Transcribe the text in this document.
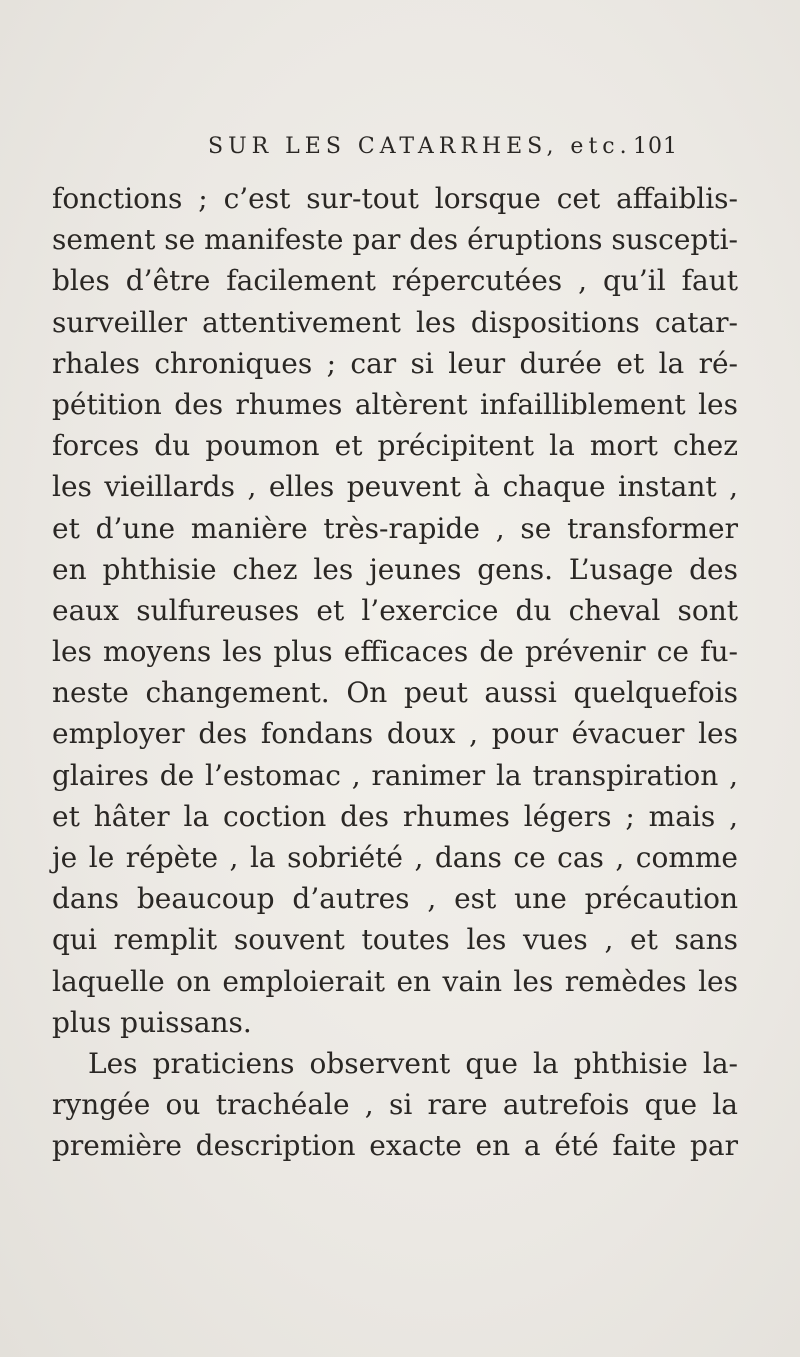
SUR LES CATARRHES, etc. 101
fonctions ; c’est sur-tout lorsque cet affaiblis-
sement se manifeste par des éruptions suscepti-
bles d’être facilement répercutées , qu’il faut
surveiller attentivement les dispositions catar-
rhales chroniques ; car si leur durée et la ré-
pétition des rhumes altèrent infailliblement les
forces du poumon et précipitent la mort chez
les vieillards , elles peuvent à chaque instant ,
et d’une manière très-rapide , se transformer
en phthisie chez les jeunes gens. L’usage des
eaux sulfureuses et l’exercice du cheval sont
les moyens les plus efficaces de prévenir ce fu-
neste changement. On peut aussi quelquefois
employer des fondans doux , pour évacuer les
glaires de l’estomac , ranimer la transpiration ,
et hâter la coction des rhumes légers ; mais ,
je le répète , la sobriété , dans ce cas , comme
dans beaucoup d’autres , est une précaution
qui remplit souvent toutes les vues , et sans
laquelle on emploierait en vain les remèdes les
plus puissans.
Les praticiens observent que la phthisie la-
ryngée ou trachéale , si rare autrefois que la
première description exacte en a été faite par
